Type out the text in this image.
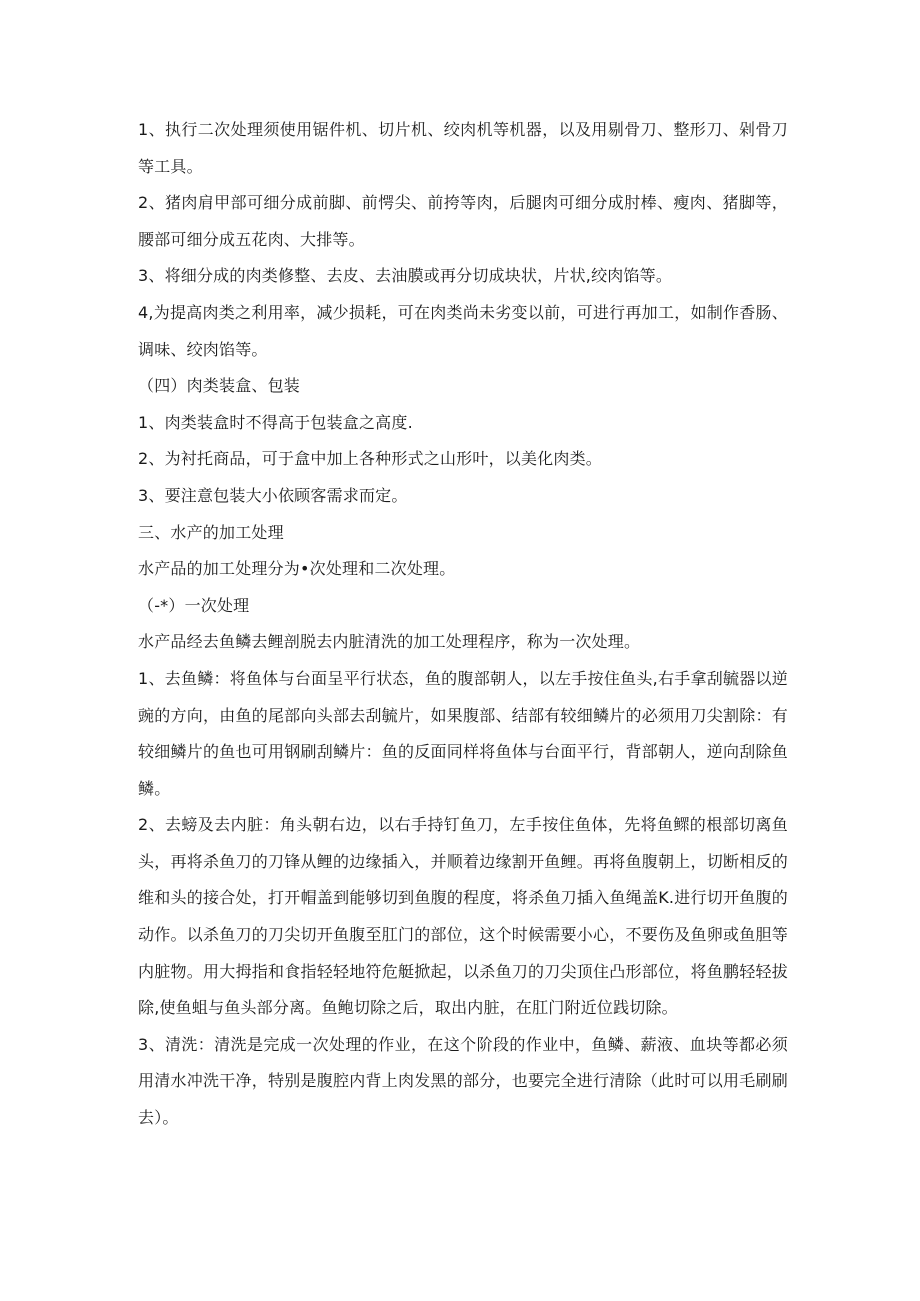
1、执行二次处理须使用锯件机、切片机、绞肉机等机器，以及用剔骨刀、整形刀、剁骨刀等工具。

2、猪肉肩甲部可细分成前脚、前愕尖、前挎等肉，后腿肉可细分成肘棒、瘦肉、猪脚等，腰部可细分成五花肉、大排等。

3、将细分成的肉类修整、去皮、去油膜或再分切成块状，片状,绞肉馅等。

4,为提高肉类之利用率，减少损耗，可在肉类尚未劣变以前，可进行再加工，如制作香肠、调味、绞肉馅等。

（四）肉类装盒、包装

1、肉类装盒时不得高于包装盒之高度.

2、为衬托商品，可于盒中加上各种形式之山形叶，以美化肉类。

3、要注意包装大小依顾客需求而定。

三、水产的加工处理

水产品的加工处理分为•次处理和二次处理。

（-*）一次处理

水产品经去鱼鳞去鲤剖脱去内脏清洗的加工处理程序，称为一次处理。

1、去鱼鳞：将鱼体与台面呈平行状态，鱼的腹部朝人，以左手按住鱼头,右手拿刮毓器以逆豌的方向，由鱼的尾部向头部去刮毓片，如果腹部、结部有较细鳞片的必须用刀尖割除：有较细鳞片的鱼也可用钢刷刮鳞片：鱼的反面同样将鱼体与台面平行，背部朝人，逆向刮除鱼鳞。

2、去螃及去内脏：角头朝右边，以右手持钉鱼刀，左手按住鱼体，先将鱼鳏的根部切离鱼头，再将杀鱼刀的刀锋从鲤的边缘插入，并顺着边缘割开鱼鲤。再将鱼腹朝上，切断相反的维和头的接合处，打开帽盖到能够切到鱼腹的程度，将杀鱼刀插入鱼绳盖K.进行切开鱼腹的动作。以杀鱼刀的刀尖切开鱼腹至肛门的部位，这个时候需要小心，不要伤及鱼卵或鱼胆等内脏物。用大拇指和食指轻轻地符危艇掀起，以杀鱼刀的刀尖顶住凸形部位，将鱼鹏轻轻拔除,使鱼蛆与鱼头部分离。鱼鲍切除之后，取出内脏，在肛门附近位践切除。

3、清洗：清洗是完成一次处理的作业，在这个阶段的作业中，鱼鳞、薪液、血块等都必须用清水冲洗干净，特别是腹腔内背上肉发黑的部分，也要完全进行清除（此时可以用毛刷刷去）。
